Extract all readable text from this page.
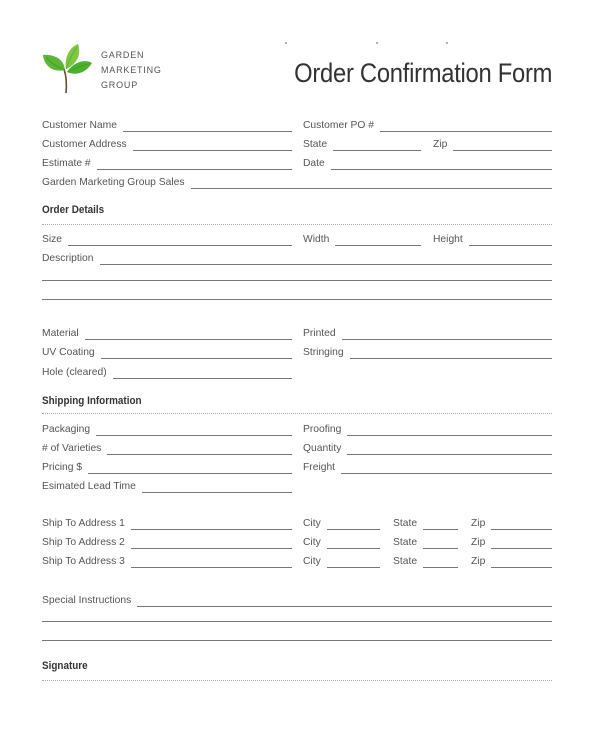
GARDEN
MARKETING
GROUP	Order Confirmation Form
Customer Name	Customer PO #
Customer Address	State	Zip
Estimate #	Date
Garden Marketing Group Sales
Order Details
Size	Width	Height
Description
Material	Printed
UV Coating	Stringing
Hole (cleared)
Shipping Information
Packaging	Proofing
# of Varieties	Quantity
Pricing $	Freight
Esimated Lead Time
Ship To Address 1	City	State	Zip
Ship To Address 2	City	State	Zip
Ship To Address 3	City	State	Zip
Special Instructions
Signature
